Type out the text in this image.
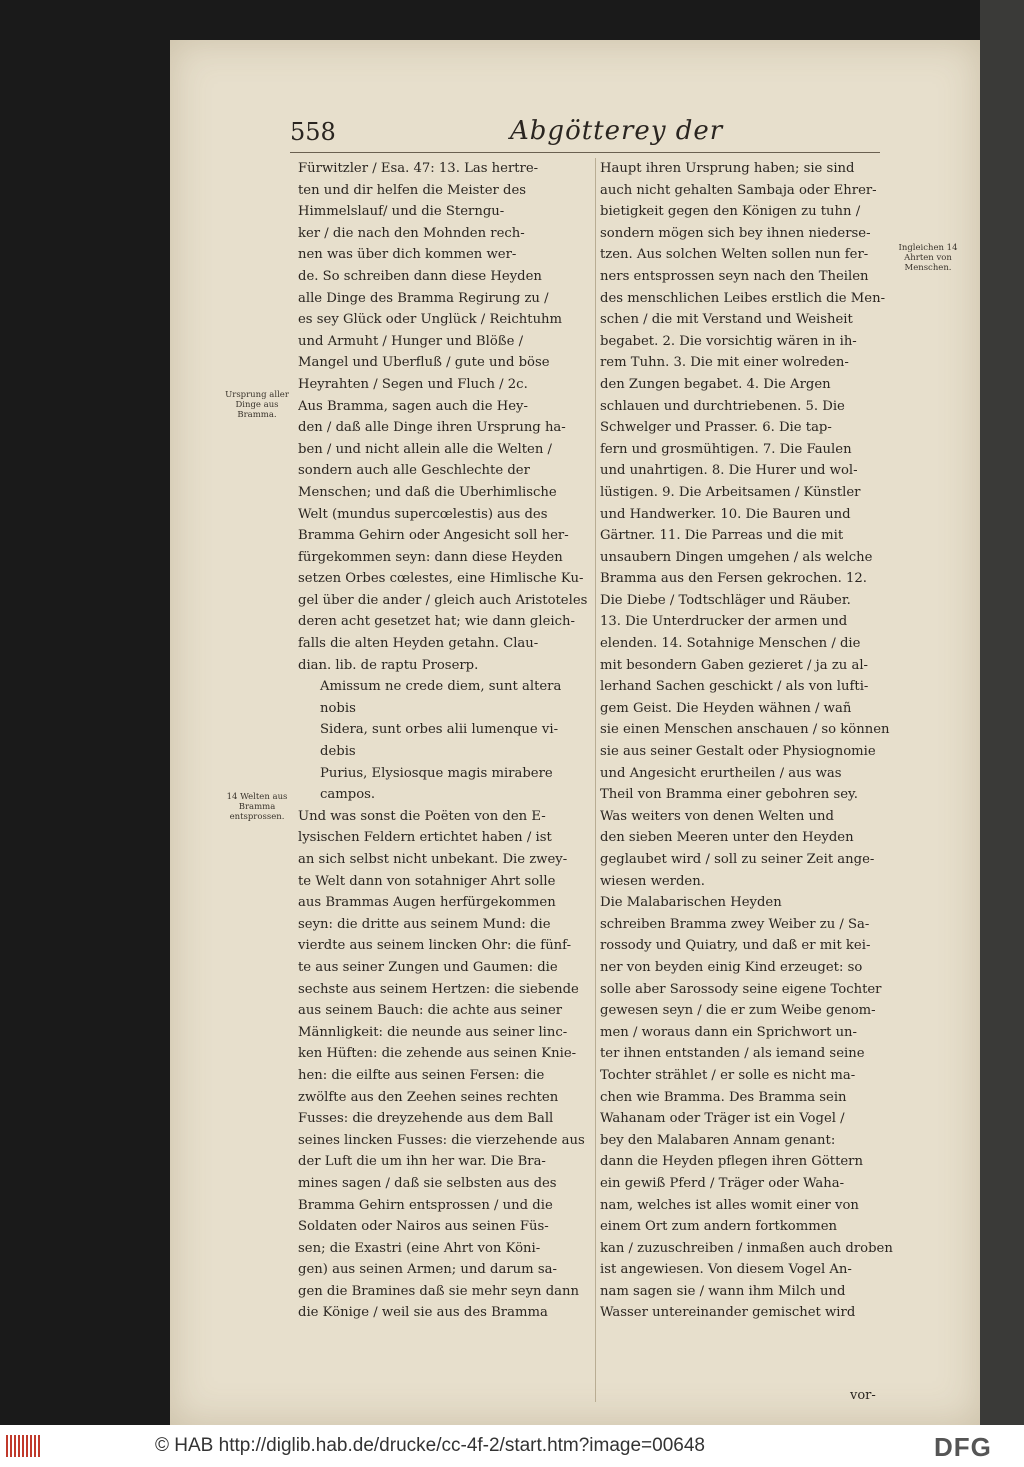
558	Abgötterey der
Fürwitzler / Esa. 47: 13. Las hertre-
ten und dir helfen die Meister des
Himmelslauf/ und die Sterngu-
ker / die nach den Mohnden rech-
nen was über dich kommen wer-
de. So schreiben dann diese Heyden
alle Dinge des Bramma Regirung zu /
es sey Glück oder Unglück / Reichtuhm
und Armuht / Hunger und Blöße /
Mangel und Uberfluß / gute und böse
Heyrahten / Segen und Fluch / 2c.
Aus Bramma, sagen auch die Hey-
den / daß alle Dinge ihren Ursprung ha-
ben / und nicht allein alle die Welten /
sondern auch alle Geschlechte der
Menschen; und daß die Uberhimlische
Welt (mundus supercœlestis) aus des
Bramma Gehirn oder Angesicht soll her-
fürgekommen seyn: dann diese Heyden
setzen Orbes cœlestes, eine Himlische Ku-
gel über die ander / gleich auch Aristoteles
deren acht gesetzet hat; wie dann gleich-
falls die alten Heyden getahn. Clau-
dian. lib. de raptu Proserp.
Amissum ne crede diem, sunt altera
nobis
Sidera, sunt orbes alii lumenque vi-
debis
Purius, Elysiosque magis mirabere
campos.
Und was sonst die Poëten von den E-
lysischen Feldern ertichtet haben / ist
an sich selbst nicht unbekant. Die zwey-
te Welt dann von sotahniger Ahrt solle
aus Brammas Augen herfürgekommen
seyn: die dritte aus seinem Mund: die
vierdte aus seinem lincken Ohr: die fünf-
te aus seiner Zungen und Gaumen: die
sechste aus seinem Hertzen: die siebende
aus seinem Bauch: die achte aus seiner
Männligkeit: die neunde aus seiner linc-
ken Hüften: die zehende aus seinen Knie-
hen: die eilfte aus seinen Fersen: die
zwölfte aus den Zeehen seines rechten
Fusses: die dreyzehende aus dem Ball
seines lincken Fusses: die vierzehende aus
der Luft die um ihn her war. Die Bra-
mines sagen / daß sie selbsten aus des
Bramma Gehirn entsprossen / und die
Soldaten oder Nairos aus seinen Füs-
sen; die Exastri (eine Ahrt von Köni-
gen) aus seinen Armen; und darum sa-
gen die Bramines daß sie mehr seyn dann
die Könige / weil sie aus des Bramma
Haupt ihren Ursprung haben; sie sind
auch nicht gehalten Sambaja oder Ehrer-
bietigkeit gegen den Königen zu tuhn /
sondern mögen sich bey ihnen niederse-
tzen. Aus solchen Welten sollen nun fer-
ners entsprossen seyn nach den Theilen
des menschlichen Leibes erstlich die Men-
schen / die mit Verstand und Weisheit
begabet. 2. Die vorsichtig wären in ih-
rem Tuhn. 3. Die mit einer wolreden-
den Zungen begabet. 4. Die Argen
schlauen und durchtriebenen. 5. Die
Schwelger und Prasser. 6. Die tap-
fern und grosmühtigen. 7. Die Faulen
und unahrtigen. 8. Die Hurer und wol-
lüstigen. 9. Die Arbeitsamen / Künstler
und Handwerker. 10. Die Bauren und
Gärtner. 11. Die Parreas und die mit
unsaubern Dingen umgehen / als welche
Bramma aus den Fersen gekrochen. 12.
Die Diebe / Todtschläger und Räuber.
13. Die Unterdrucker der armen und
elenden. 14. Sotahnige Menschen / die
mit besondern Gaben gezieret / ja zu al-
lerhand Sachen geschickt / als von lufti-
gem Geist. Die Heyden wähnen / wañ
sie einen Menschen anschauen / so können
sie aus seiner Gestalt oder Physiognomie
und Angesicht erurtheilen / aus was
Theil von Bramma einer gebohren sey.
Was weiters von denen Welten und
den sieben Meeren unter den Heyden
geglaubet wird / soll zu seiner Zeit ange-
wiesen werden.
Die Malabarischen Heyden
schreiben Bramma zwey Weiber zu / Sa-
rossody und Quiatry, und daß er mit kei-
ner von beyden einig Kind erzeuget: so
solle aber Sarossody seine eigene Tochter
gewesen seyn / die er zum Weibe genom-
men / woraus dann ein Sprichwort un-
ter ihnen entstanden / als iemand seine
Tochter strählet / er solle es nicht ma-
chen wie Bramma. Des Bramma sein
Wahanam oder Träger ist ein Vogel /
bey den Malabaren Annam genant:
dann die Heyden pflegen ihren Göttern
ein gewiß Pferd / Träger oder Waha-
nam, welches ist alles womit einer von
einem Ort zum andern fortkommen
kan / zuzuschreiben / inmaßen auch droben
ist angewiesen. Von diesem Vogel An-
nam sagen sie / wann ihm Milch und
Wasser untereinander gemischet wird
Ursprung aller Dinge aus Bramma.
14 Welten aus Bramma entsprossen.
Ingleichen 14 Ahrten von Menschen.
vor-
© HAB http://diglib.hab.de/drucke/cc-4f-2/start.htm?image=00648	DFG
